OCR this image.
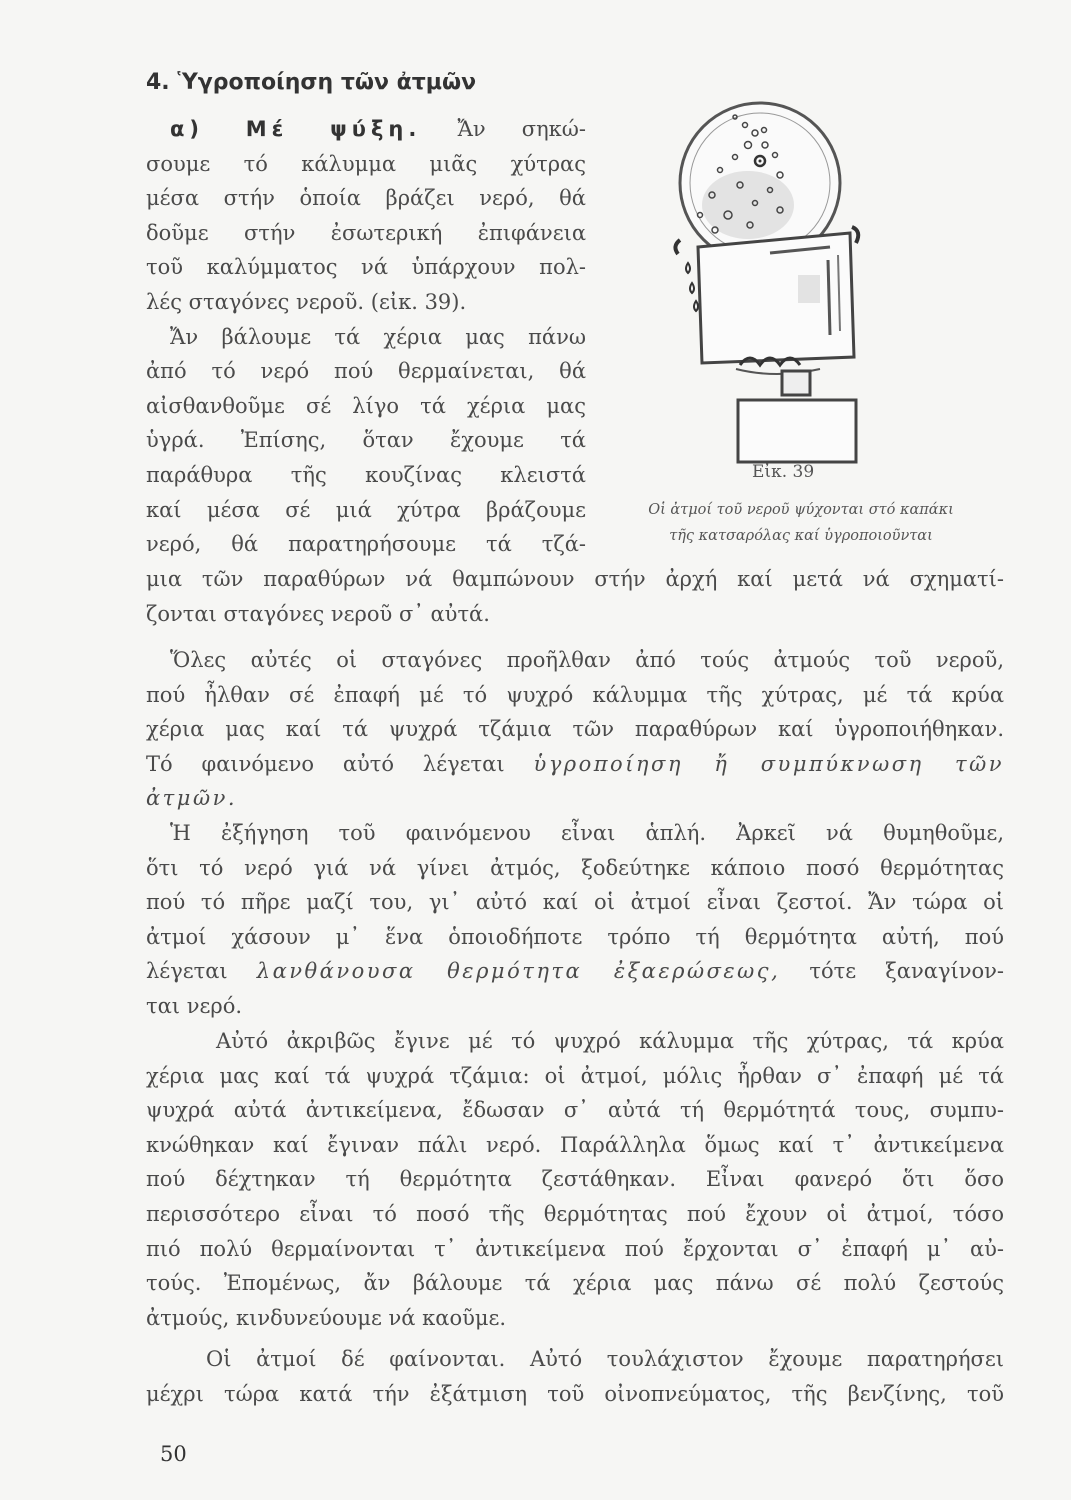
4. Ὑγροποίηση τῶν ἀτμῶν

α) Μέ ψύξη. Ἄν σηκώ-

σουμε τό κάλυμμα μιᾶς χύτρας

μέσα στήν ὁποία βράζει νερό, θά

δοῦμε στήν ἐσωτερική ἐπιφάνεια

τοῦ καλύμματος νά ὑπάρχουν πολ-

λές σταγόνες νεροῦ. (εἰκ. 39).

Ἄν βάλουμε τά χέρια μας πάνω

ἀπό τό νερό πού θερμαίνεται, θά

αἰσθανθοῦμε σέ λίγο τά χέρια μας

ὑγρά. Ἐπίσης, ὅταν ἔχουμε τά

παράθυρα τῆς κουζίνας κλειστά

καί μέσα σέ μιά χύτρα βράζουμε

νερό, θά παρατηρήσουμε τά τζά-

Εἰκ. 39
Οἱ ἀτμοί τοῦ νεροῦ ψύχονται στό καπάκι
τῆς κατσαρόλας καί ὑγροποιοῦνται

μια τῶν παραθύρων νά θαμπώνουν στήν ἀρχή καί μετά νά σχηματί-

ζονται σταγόνες νεροῦ σ᾽ αὐτά.

Ὅλες αὐτές οἱ σταγόνες προῆλθαν ἀπό τούς ἀτμούς τοῦ νεροῦ,

πού ἦλθαν σέ ἐπαφή μέ τό ψυχρό κάλυμμα τῆς χύτρας, μέ τά κρύα

χέρια μας καί τά ψυχρά τζάμια τῶν παραθύρων καί ὑγροποιήθηκαν.

Τό φαινόμενο αὐτό λέγεται ὑγροποίηση ἤ συμπύκνωση τῶν

ἀτμῶν.

Ἡ ἐξήγηση τοῦ φαινόμενου εἶναι ἁπλή. Ἀρκεῖ νά θυμηθοῦμε,

ὅτι τό νερό γιά νά γίνει ἀτμός, ξοδεύτηκε κάποιο ποσό θερμότητας

πού τό πῆρε μαζί του, γι᾽ αὐτό καί οἱ ἀτμοί εἶναι ζεστοί. Ἄν τώρα οἱ

ἀτμοί χάσουν μ᾽ ἕνα ὁποιοδήποτε τρόπο τή θερμότητα αὐτή, πού

λέγεται λανθάνουσα θερμότητα ἐξαερώσεως, τότε ξαναγίνον-

ται νερό.

Αὐτό ἀκριβῶς ἔγινε μέ τό ψυχρό κάλυμμα τῆς χύτρας, τά κρύα

χέρια μας καί τά ψυχρά τζάμια: οἱ ἀτμοί, μόλις ἦρθαν σ᾽ ἐπαφή μέ τά

ψυχρά αὐτά ἀντικείμενα, ἔδωσαν σ᾽ αὐτά τή θερμότητά τους, συμπυ-

κνώθηκαν καί ἔγιναν πάλι νερό. Παράλληλα ὅμως καί τ᾽ ἀντικείμενα

πού δέχτηκαν τή θερμότητα ζεστάθηκαν. Εἶναι φανερό ὅτι ὅσο

περισσότερο εἶναι τό ποσό τῆς θερμότητας πού ἔχουν οἱ ἀτμοί, τόσο

πιό πολύ θερμαίνονται τ᾽ ἀντικείμενα πού ἔρχονται σ᾽ ἐπαφή μ᾽ αὐ-

τούς. Ἐπομένως, ἄν βάλουμε τά χέρια μας πάνω σέ πολύ ζεστούς

ἀτμούς, κινδυνεύουμε νά καοῦμε.

Οἱ ἀτμοί δέ φαίνονται. Αὐτό τουλάχιστον ἔχουμε παρατηρήσει

μέχρι τώρα κατά τήν ἐξάτμιση τοῦ οἰνοπνεύματος, τῆς βενζίνης, τοῦ

50
